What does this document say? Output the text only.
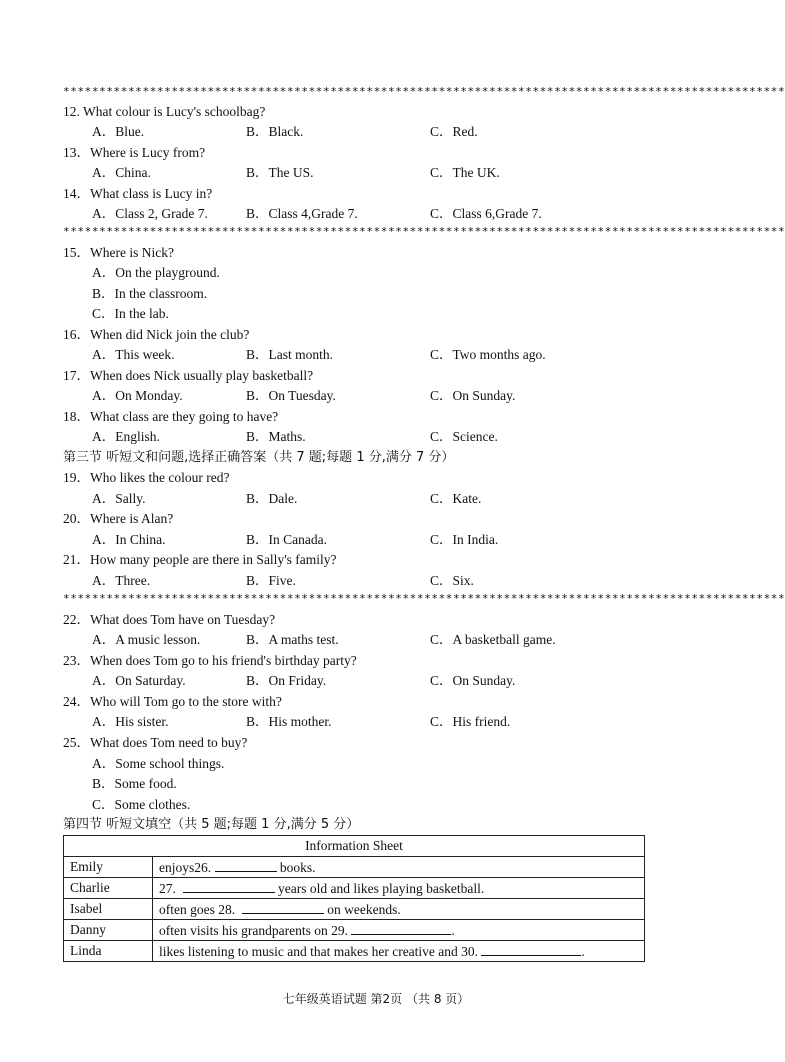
****************************************************************************************************
12. What colour is Lucy's schoolbag?
A．Blue.	B．Black.	C．Red.
13．Where is Lucy from?
A．China.	B．The US.	C．The UK.
14．What class is Lucy in?
A．Class 2, Grade 7.	B．Class 4,Grade 7.	C．Class 6,Grade 7.
****************************************************************************************************
15．Where is Nick?
A．On the playground.
B．In the classroom.
C．In the lab.
16．When did Nick join the club?
A．This week.	B．Last month.	C．Two months ago.
17．When does Nick usually play basketball?
A．On Monday.	B．On Tuesday.	C．On Sunday.
18．What class are they going to have?
A．English.	B．Maths.	C．Science.
第三节 听短文和问题,选择正确答案（共 7 题;每题 1 分,满分 7 分）
19．Who likes the colour red?
A．Sally.	B．Dale.	C．Kate.
20．Where is Alan?
A．In China.	B．In Canada.	C．In India.
21．How many people are there in Sally's family?
A．Three.	B．Five.	C．Six.
****************************************************************************************************
22．What does Tom have on Tuesday?
A．A music lesson.	B．A maths test.	C．A basketball game.
23．When does Tom go to his friend's birthday party?
A．On Saturday.	B．On Friday.	C．On Sunday.
24．Who will Tom go to the store with?
A．His sister.	B．His mother.	C．His friend.
25．What does Tom need to buy?
A．Some school things.
B．Some food.
C．Some clothes.
第四节 听短文填空（共 5 题;每题 1 分,满分 5 分）
Information Sheet	
Emily	enjoys26. books.
Charlie	27. years old and likes playing basketball.
Isabel	often goes 28. on weekends.
Danny	often visits his grandparents on 29. .
Linda	likes listening to music and that makes her creative and 30. .
七年级英语试题 第2页 （共 8 页）
